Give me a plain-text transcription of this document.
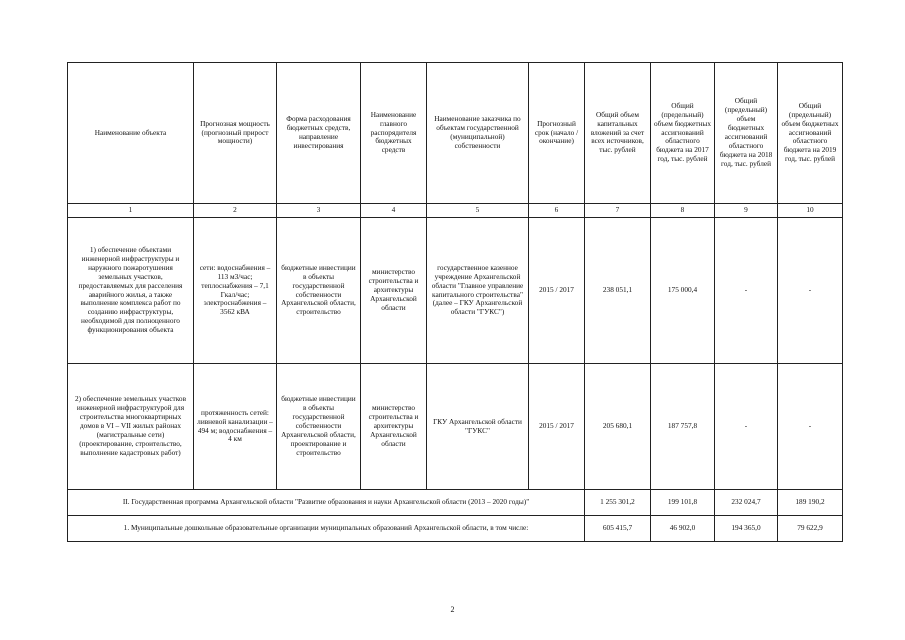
Наименование объекта	Прогнозная мощность (прогнозный прирост мощности)	Форма расходования бюджетных средств, направление инвестирования	Наименование главного распорядителя бюджетных средств	Наименование заказчика по объектам государственной (муниципальной) собственности	Прогнозный срок (начало / окончание)	Общий объем капитальных вложений за счет всех источников, тыс. рублей	Общий (предельный) объем бюджетных ассигнований областного бюджета на 2017 год, тыс. рублей	Общий (предельный) объем бюджетных ассигнований областного бюджета на 2018 год, тыс. рублей	Общий (предельный) объем бюджетных ассигнований областного бюджета на 2019 год, тыс. рублей
1	2	3	4	5	6	7	8	9	10
1) обеспечение объектами инженерной инфраструктуры и наружного пожаротушения земельных участков, предоставляемых для расселения аварийного жилья, а также выполнение комплекса работ по созданию инфраструктуры, необходимой для полноценного функционирования объекта	сети: водоснабжения – 113 м3/час; теплоснабжения – 7,1 Гкал/час; электроснабжения – 3562 кВА	бюджетные инвестиции в объекты государственной собственности Архангельской области, строительство	министерство строительства и архитектуры Архангельской области	государственное казенное учреждение Архангельской области "Главное управление капитального строительства" (далее – ГКУ Архангельской области "ГУКС")	2015 / 2017	238 051,1	175 000,4	-	-
2) обеспечение земельных участков инженерной инфраструктурой для строительства многоквартирных домов в VI – VII жилых районах (магистральные сети) (проектирование, строительство, выполнение кадастровых работ)	протяженность сетей: ливневой канализации – 494 м; водоснабжения – 4 км	бюджетные инвестиции в объекты государственной собственности Архангельской области, проектирование и строительство	министерство строительства и архитектуры Архангельской области	ГКУ Архангельской области "ГУКС"	2015 / 2017	205 680,1	187 757,8	-	-
II. Государственная программа Архангельской области "Развитие образования и науки Архангельской области (2013 – 2020 годы)"						1 255 301,2	199 101,8	232 024,7	189 190,2
1. Муниципальные дошкольные образовательные организации муниципальных образований Архангельской области, в том числе:						605 415,7	46 902,0	194 365,0	79 622,9
2
